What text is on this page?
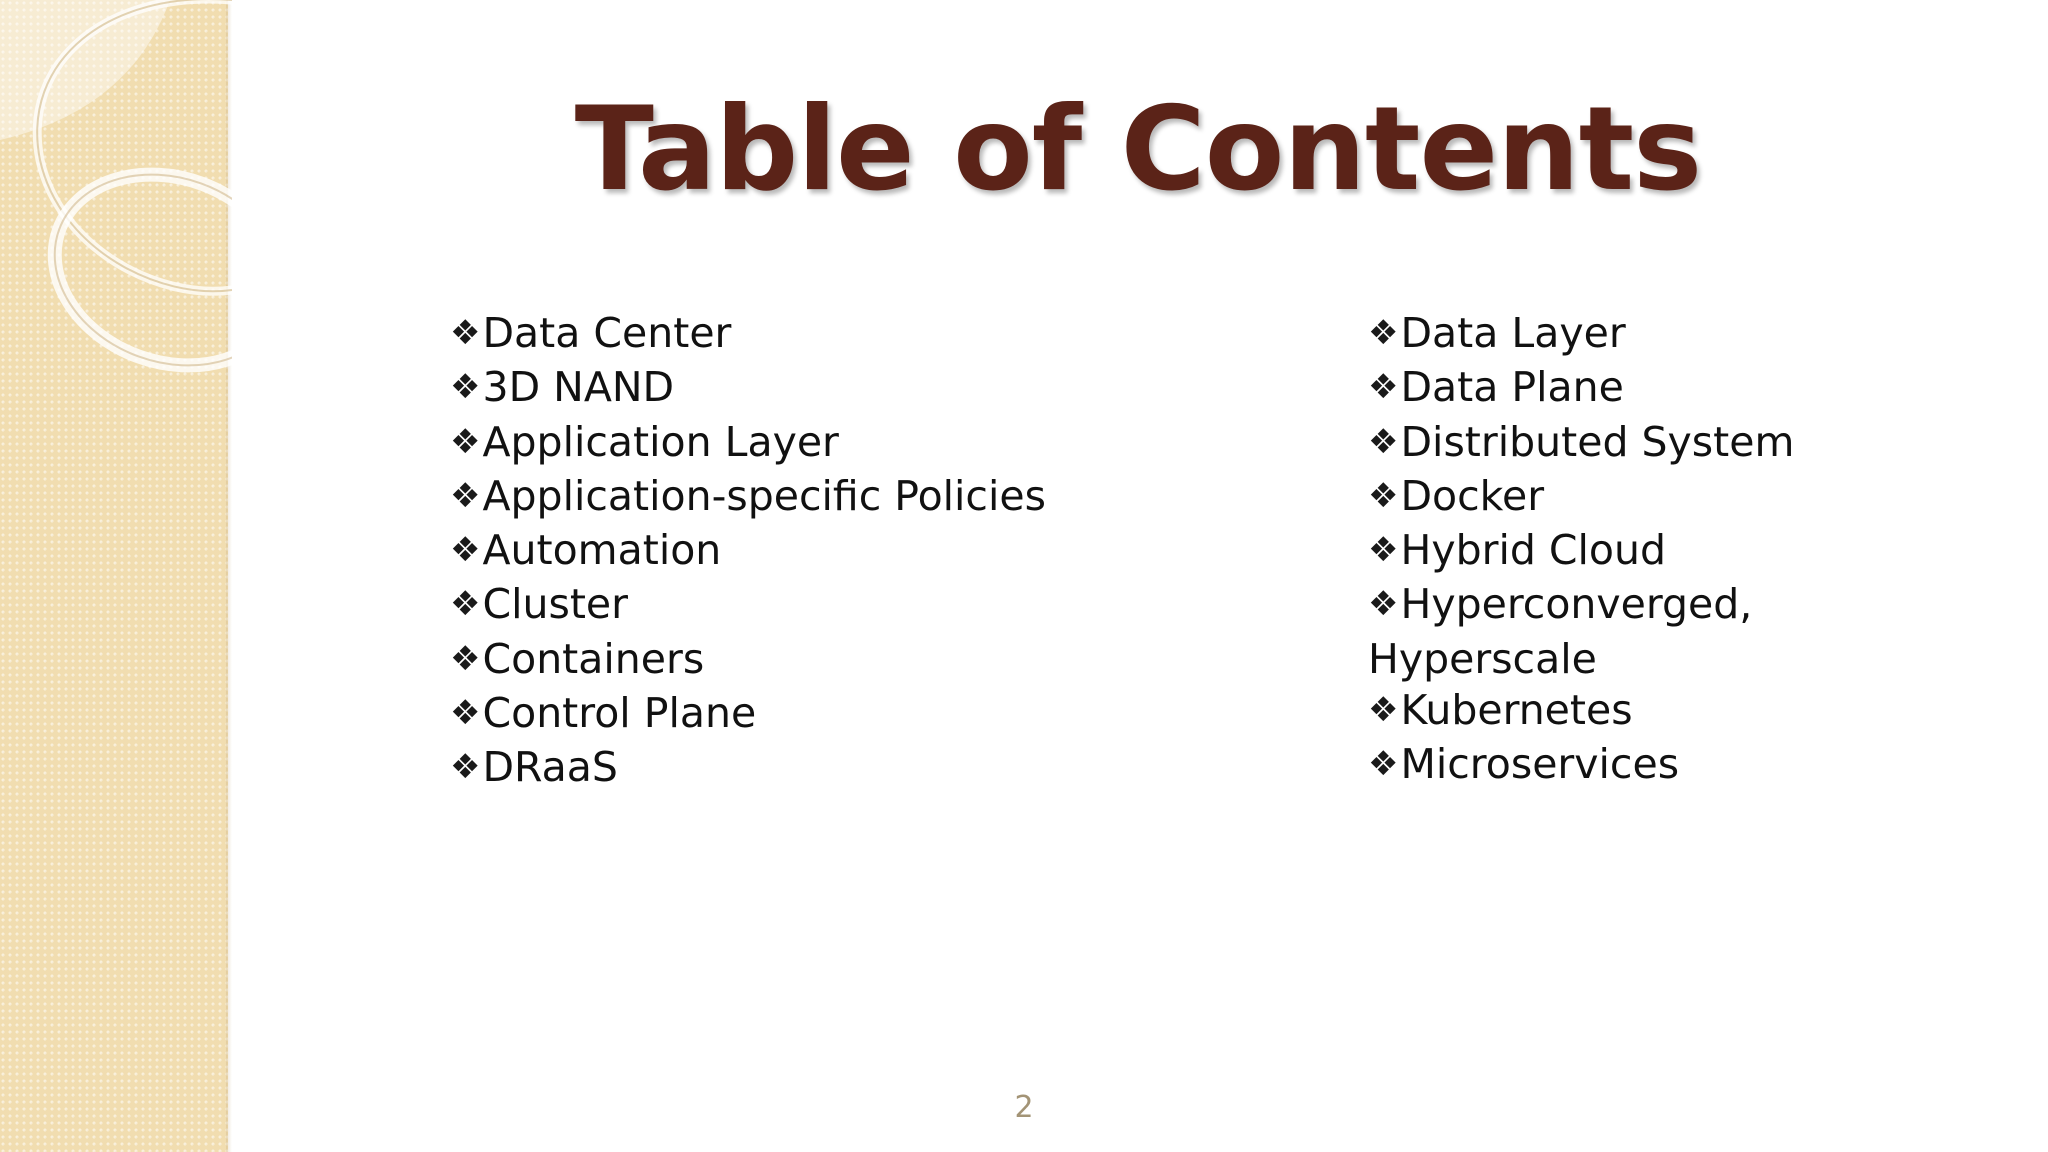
Table of Contents
❖Data Center
❖3D NAND
❖Application Layer
❖Application-specific Policies
❖Automation
❖Cluster
❖Containers
❖Control Plane
❖DRaaS
❖Data Layer
❖Data Plane
❖Distributed System
❖Docker
❖Hybrid Cloud
❖Hyperconverged, Hyperscale
❖Kubernetes
❖Microservices
2
